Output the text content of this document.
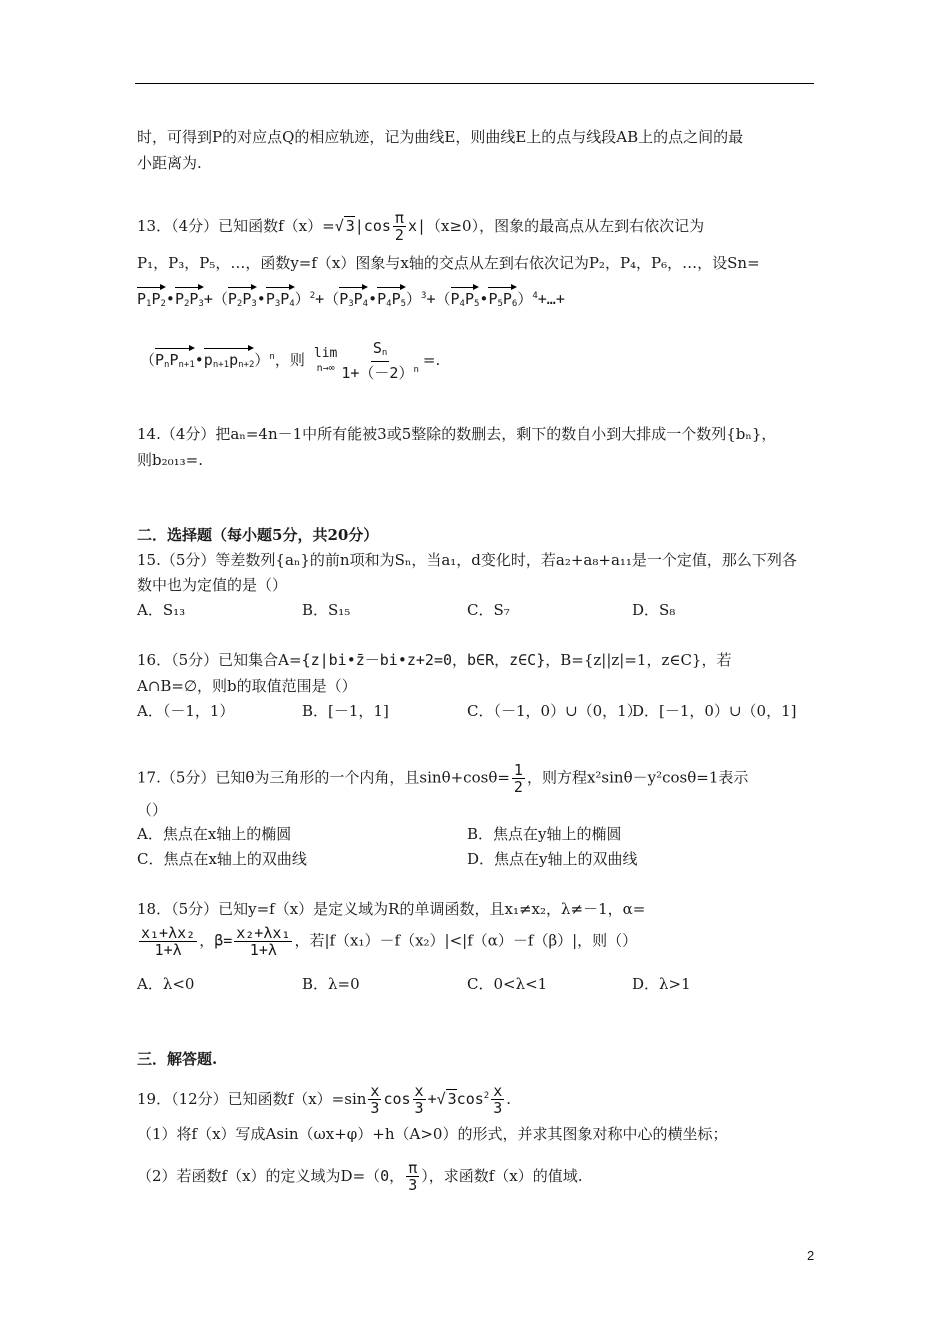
时，可得到P的对应点Q的相应轨迹，记为曲线E，则曲线E上的点与线段AB上的点之间的最
小距离为.
13．（4分）已知函数f（x）=√ $3|\cos \frac{\pi}{2} x|(x\ge 0)$，图象的最高点从左到右依次记为
P₁，P₃，P₅，…，函数y=f（x）图象与x轴的交点从左到右依次记为P₂，P₄，P₆，…，设Sn=
$P_1P_2•P_2P_3+(P_2P_3•P_3P_4)^2+(P_3P_4•P_4P_5)^3+(P_4P_5•P_5P_6)^4+\dots+$
$(P_nP_{n+1}•p_{n+1}p_{n+2})^n$，则 lim
$n\to\infty \frac{S_n}{1+(-2)^n}$ =.
14.（4分）把aₙ=4n－1中所有能被3或5整除的数删去，剩下的数自小到大排成一个数列{bₙ}，
则b₂₀₁₃=.
二．选择题（每小题5分，共20分）
15.（5分）等差数列{aₙ}的前n项和为Sₙ，当a₁，d变化时，若a₂+a₈+a₁₁是一个定值，那么下列各
数中也为定值的是（）
A．S₁₃	B．S₁₅	C．S₇	D．S₈
16．（5分）已知集合A={z|bi•z̄－bi•z+2=0，b∈R，z∈C}，B={z||z|=1，z∈C}，若
A∩B=∅，则b的取值范围是（）
A．（－1，1）	B．[－1，1]	C．（－1，0）∪（0，1）
D．[－1，0）∪（0，1]
17.（5分）已知θ为三角形的一个内角，且$\sin\theta+\cos\theta= \frac{1}{2}$ ，则方程x²sinθ－y²cosθ=1表示
（）
A．焦点在x轴上的椭圆	B．焦点在y轴上的椭圆
C．焦点在x轴上的双曲线	D．焦点在y轴上的双曲线
18．（5分）已知y=f（x）是定义域为R的单调函数，且x₁≠x₂，λ≠－1，α=
$\frac{\text{x₁+λx₂}}{1+\lambda}$ ，$\beta= \frac{\text{x₂+λx₁}}{1+\lambda}$ ，若|f（x₁）－f（x₂）|<|f（α）－f（β）|，则（）
A．λ<0	B．λ=0	C．0<λ<1	D．λ>1
三．解答题.
19．（12分）已知函数$f(x)=\sin \frac{x}{3}$ $\cos \frac{x}{3}$ +√ $3\cos^2 \frac{x}{3}$ .
（1）将f（x）写成Asin（ωx+φ）+h（A>0）的形式，并求其图象对称中心的横坐标；
（2）若函数f（x）的定义域为D=（0， $\frac{\pi}{3}$ ），求函数f（x）的值域.
2
